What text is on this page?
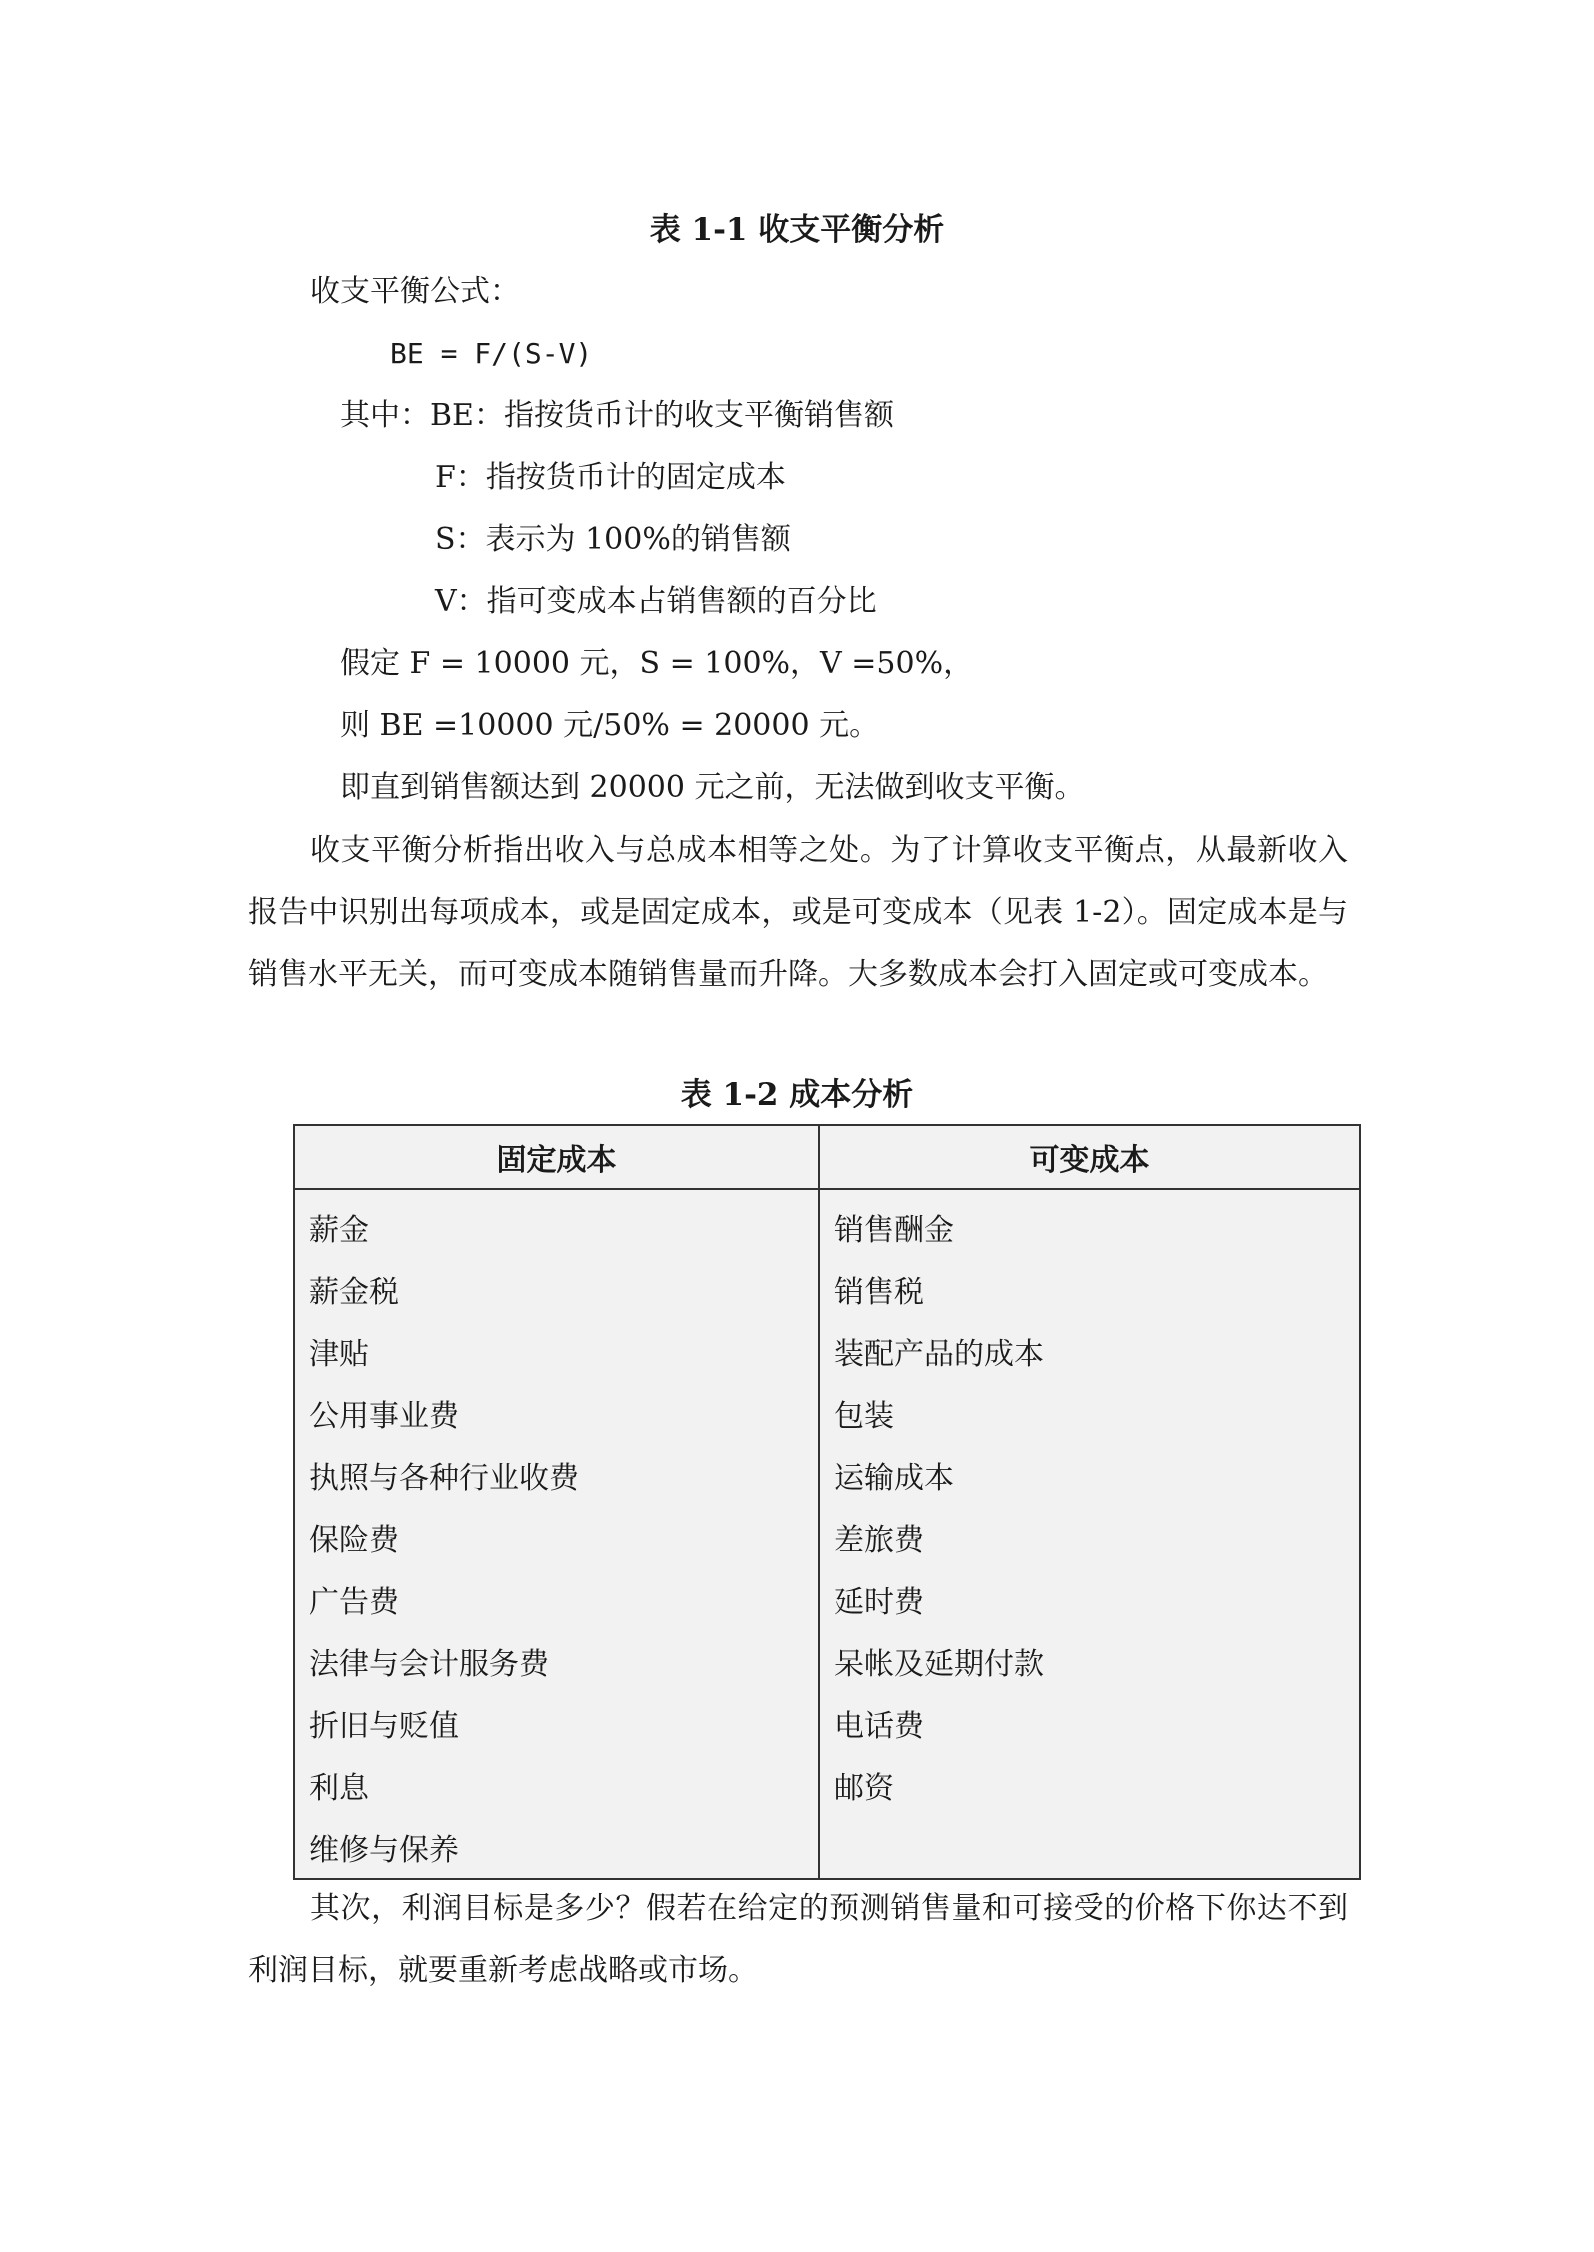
表 1-1 收支平衡分析
收支平衡公式：
BE = F/(S-V)
其中：BE：指按货币计的收支平衡销售额
F：指按货币计的固定成本
S：表示为 100%的销售额
V：指可变成本占销售额的百分比
假定 F = 10000 元，S = 100%，V =50%，
则 BE =10000 元/50% = 20000 元。
即直到销售额达到 20000 元之前，无法做到收支平衡。
收支平衡分析指出收入与总成本相等之处。为了计算收支平衡点，从最新收入报告中识别出每项成本，或是固定成本，或是可变成本（见表 1-2）。固定成本是与销售水平无关，而可变成本随销售量而升降。大多数成本会打入固定或可变成本。
表 1-2 成本分析
固定成本	可变成本
薪金	销售酬金
薪金税	销售税
津贴	装配产品的成本
公用事业费	包装
执照与各种行业收费	运输成本
保险费	差旅费
广告费	延时费
法律与会计服务费	呆帐及延期付款
折旧与贬值	电话费
利息	邮资
维修与保养	
其次，利润目标是多少？假若在给定的预测销售量和可接受的价格下你达不到利润目标，就要重新考虑战略或市场。
